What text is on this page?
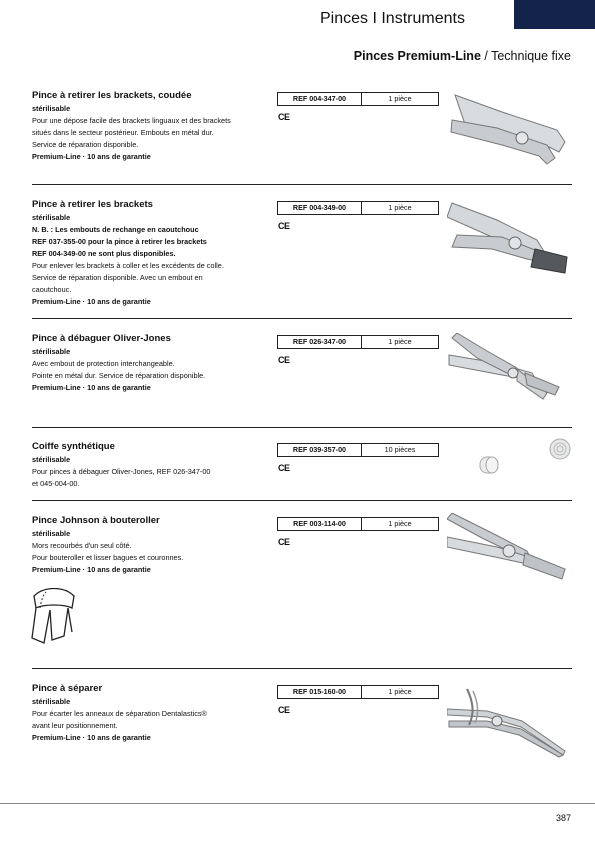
Pinces I Instruments
Pinces Premium-Line / Technique fixe
Pince à retirer les brackets, coudée
stérilisable
Pour une dépose facile des brackets linguaux et des brackets
situés dans le secteur postérieur. Embouts en métal dur.
Service de réparation disponible.
Premium-Line · 10 ans de garantie
REF 004-347-00	1 pièce
CE
Pince à retirer les brackets
stérilisable
N. B. : Les embouts de rechange en caoutchouc
REF 037-355-00 pour la pince à retirer les brackets
REF 004-349-00 ne sont plus disponibles.
Pour enlever les brackets à coller et les excédents de colle.
Service de réparation disponible. Avec un embout en
caoutchouc.
Premium-Line · 10 ans de garantie
REF 004-349-00	1 pièce
CE
Pince à débaguer Oliver-Jones
stérilisable
Avec embout de protection interchangeable.
Pointe en métal dur. Service de réparation disponible.
Premium-Line · 10 ans de garantie
REF 026-347-00	1 pièce
CE
Coiffe synthétique
stérilisable
Pour pinces à débaguer Oliver-Jones, REF 026-347-00
et 045-004-00.
REF 039-357-00	10 pièces
CE
Pince Johnson à bouteroller
stérilisable
Mors recourbés d'un seul côté.
Pour bouteroller et lisser bagues et couronnes.
Premium-Line · 10 ans de garantie
REF 003-114-00	1 pièce
CE
Pince à séparer
stérilisable
Pour écarter les anneaux de séparation Dentalastics®
avant leur positionnement.
Premium-Line · 10 ans de garantie
REF 015-160-00	1 pièce
CE
387
